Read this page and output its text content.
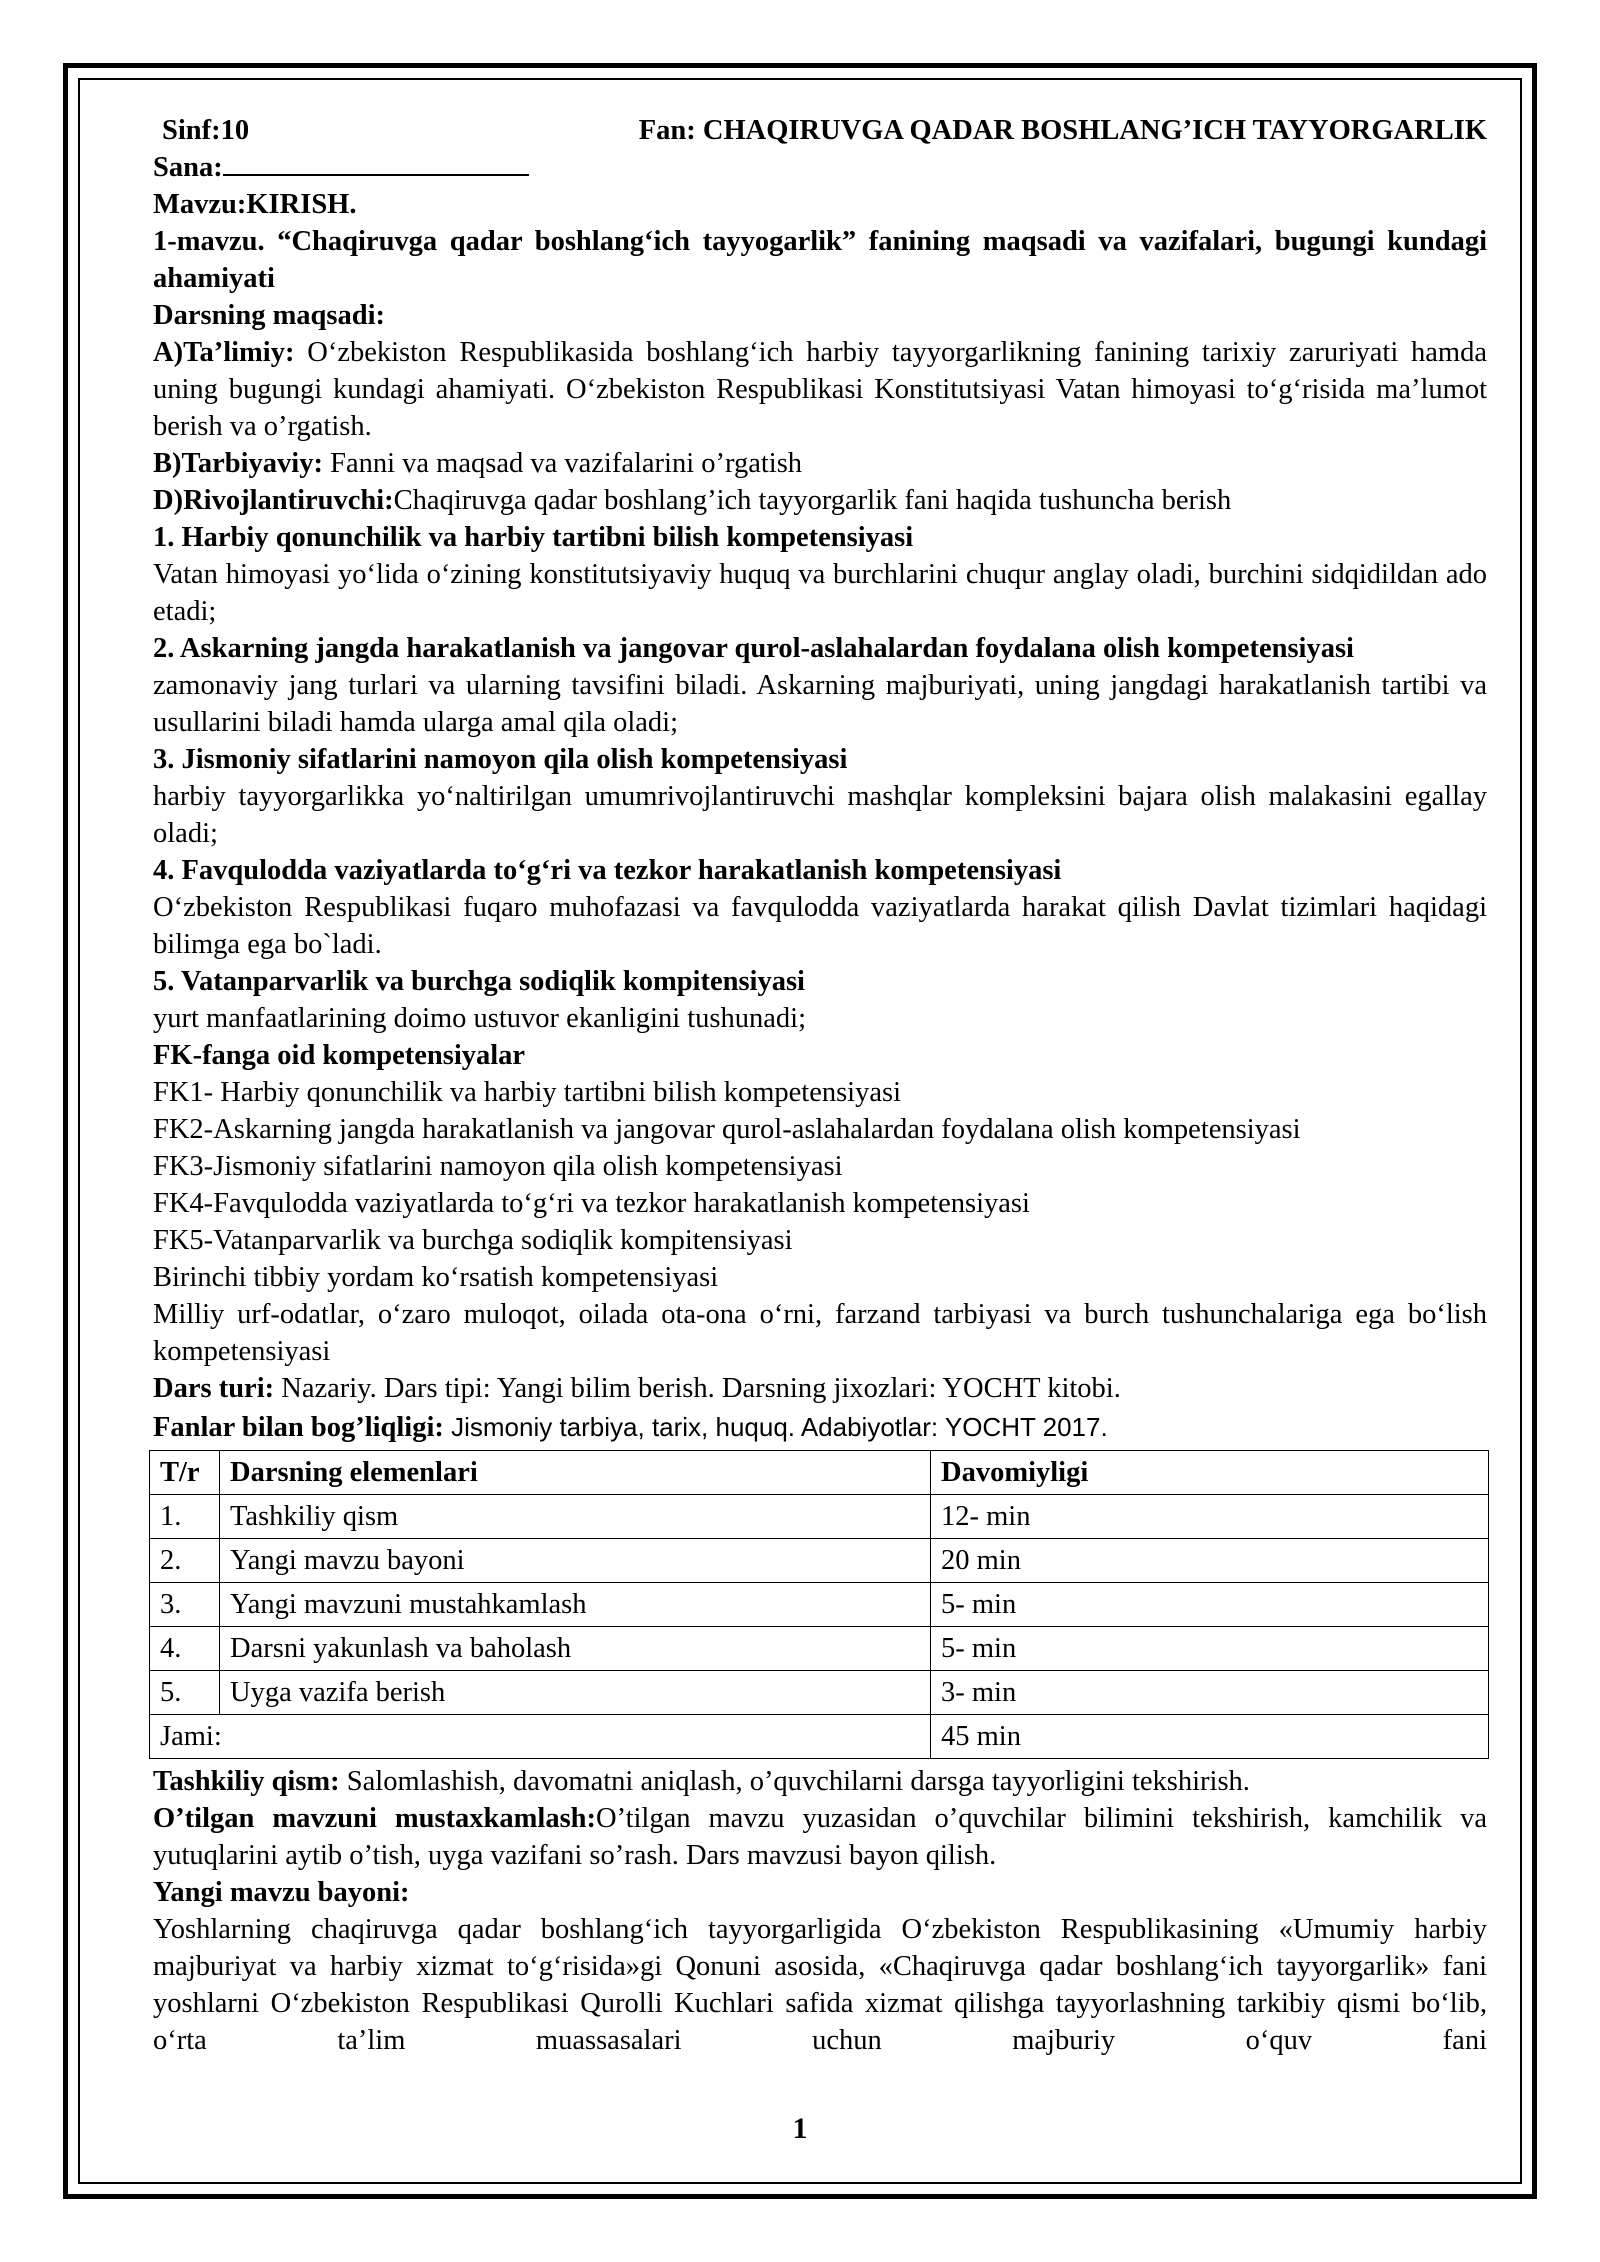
Sinf:10	Fan: CHAQIRUVGA QADAR BOSHLANG’ICH TAYYORGARLIK

Sana:

Mavzu:KIRISH.

1-mavzu. “Chaqiruvga qadar boshlang‘ich tayyogarlik” fanining maqsadi va vazifalari, bugungi kundagi ahamiyati

Darsning maqsadi:

A)Ta’limiy: O‘zbekiston Respublikasida boshlang‘ich harbiy tayyorgarlikning fanining tarixiy zaruriyati hamda uning bugungi kundagi ahamiyati. O‘zbekiston Respublikasi Konstitutsiyasi Vatan himoyasi to‘g‘risida ma’lumot berish va o’rgatish.

B)Tarbiyaviy: Fanni va maqsad va vazifalarini o’rgatish

D)Rivojlantiruvchi:Chaqiruvga qadar boshlang’ich tayyorgarlik fani haqida tushuncha berish

1. Harbiy qonunchilik va harbiy tartibni bilish kompetensiyasi

Vatan himoyasi yo‘lida o‘zining konstitutsiyaviy huquq va burchlarini chuqur anglay oladi, burchini sidqidildan ado etadi;

2. Askarning jangda harakatlanish va jangovar qurol-aslahalardan foydalana olish kompetensiyasi

zamonaviy jang turlari va ularning tavsifini biladi. Askarning majburiyati, uning jangdagi harakatlanish tartibi va usullarini biladi hamda ularga amal qila oladi;

3. Jismoniy sifatlarini namoyon qila olish kompetensiyasi

harbiy tayyorgarlikka yo‘naltirilgan umumrivojlantiruvchi mashqlar kompleksini bajara olish malakasini egallay oladi;

4. Favqulodda vaziyatlarda to‘g‘ri va tezkor harakatlanish kompetensiyasi

O‘zbekiston Respublikasi fuqaro muhofazasi va favqulodda vaziyatlarda harakat qilish Davlat tizimlari haqidagi bilimga ega bo`ladi.

5. Vatanparvarlik va burchga sodiqlik kompitensiyasi

yurt manfaatlarining doimo ustuvor ekanligini tushunadi;

FK-fanga oid kompetensiyalar

FK1- Harbiy qonunchilik va harbiy tartibni bilish kompetensiyasi

FK2-Askarning jangda harakatlanish va jangovar qurol-aslahalardan foydalana olish kompetensiyasi

FK3-Jismoniy sifatlarini namoyon qila olish kompetensiyasi

FK4-Favqulodda vaziyatlarda to‘g‘ri va tezkor harakatlanish kompetensiyasi

FK5-Vatanparvarlik va burchga sodiqlik kompitensiyasi

Birinchi tibbiy yordam ko‘rsatish kompetensiyasi

Milliy urf-odatlar, o‘zaro muloqot, oilada ota-ona o‘rni, farzand tarbiyasi va burch tushunchalariga ega bo‘lish kompetensiyasi

Dars turi: Nazariy. Dars tipi: Yangi bilim berish. Darsning jixozlari: YOCHT kitobi.

Fanlar bilan bog’liqligi: Jismoniy tarbiya, tarix, huquq. Adabiyotlar: YOCHT 2017.

T/r	Darsning elemenlari	Davomiyligi
1.	Tashkiliy qism	12- min
2.	Yangi mavzu bayoni	20 min
3.	Yangi mavzuni mustahkamlash	5- min
4.	Darsni yakunlash va baholash	5- min
5.	Uyga vazifa berish	3- min
Jami:		45 min

Tashkiliy qism: Salomlashish, davomatni aniqlash, o’quvchilarni darsga tayyorligini tekshirish.

O’tilgan mavzuni mustaxkamlash:O’tilgan mavzu yuzasidan o’quvchilar bilimini tekshirish, kamchilik va yutuqlarini aytib o’tish, uyga vazifani so’rash. Dars mavzusi bayon qilish.

Yangi mavzu bayoni:

Yoshlarning chaqiruvga qadar boshlang‘ich tayyorgarligida O‘zbekiston Respublikasining «Umumiy harbiy majburiyat va harbiy xizmat to‘g‘risida»gi Qonuni asosida, «Chaqiruvga qadar boshlang‘ich tayyorgarlik» fani yoshlarni O‘zbekiston Respublikasi Qurolli Kuchlari safida xizmat qilishga tayyorlashning tarkibiy qismi bo‘lib, o‘rta ta’lim muassasalari uchun majburiy o‘quv fani

1
